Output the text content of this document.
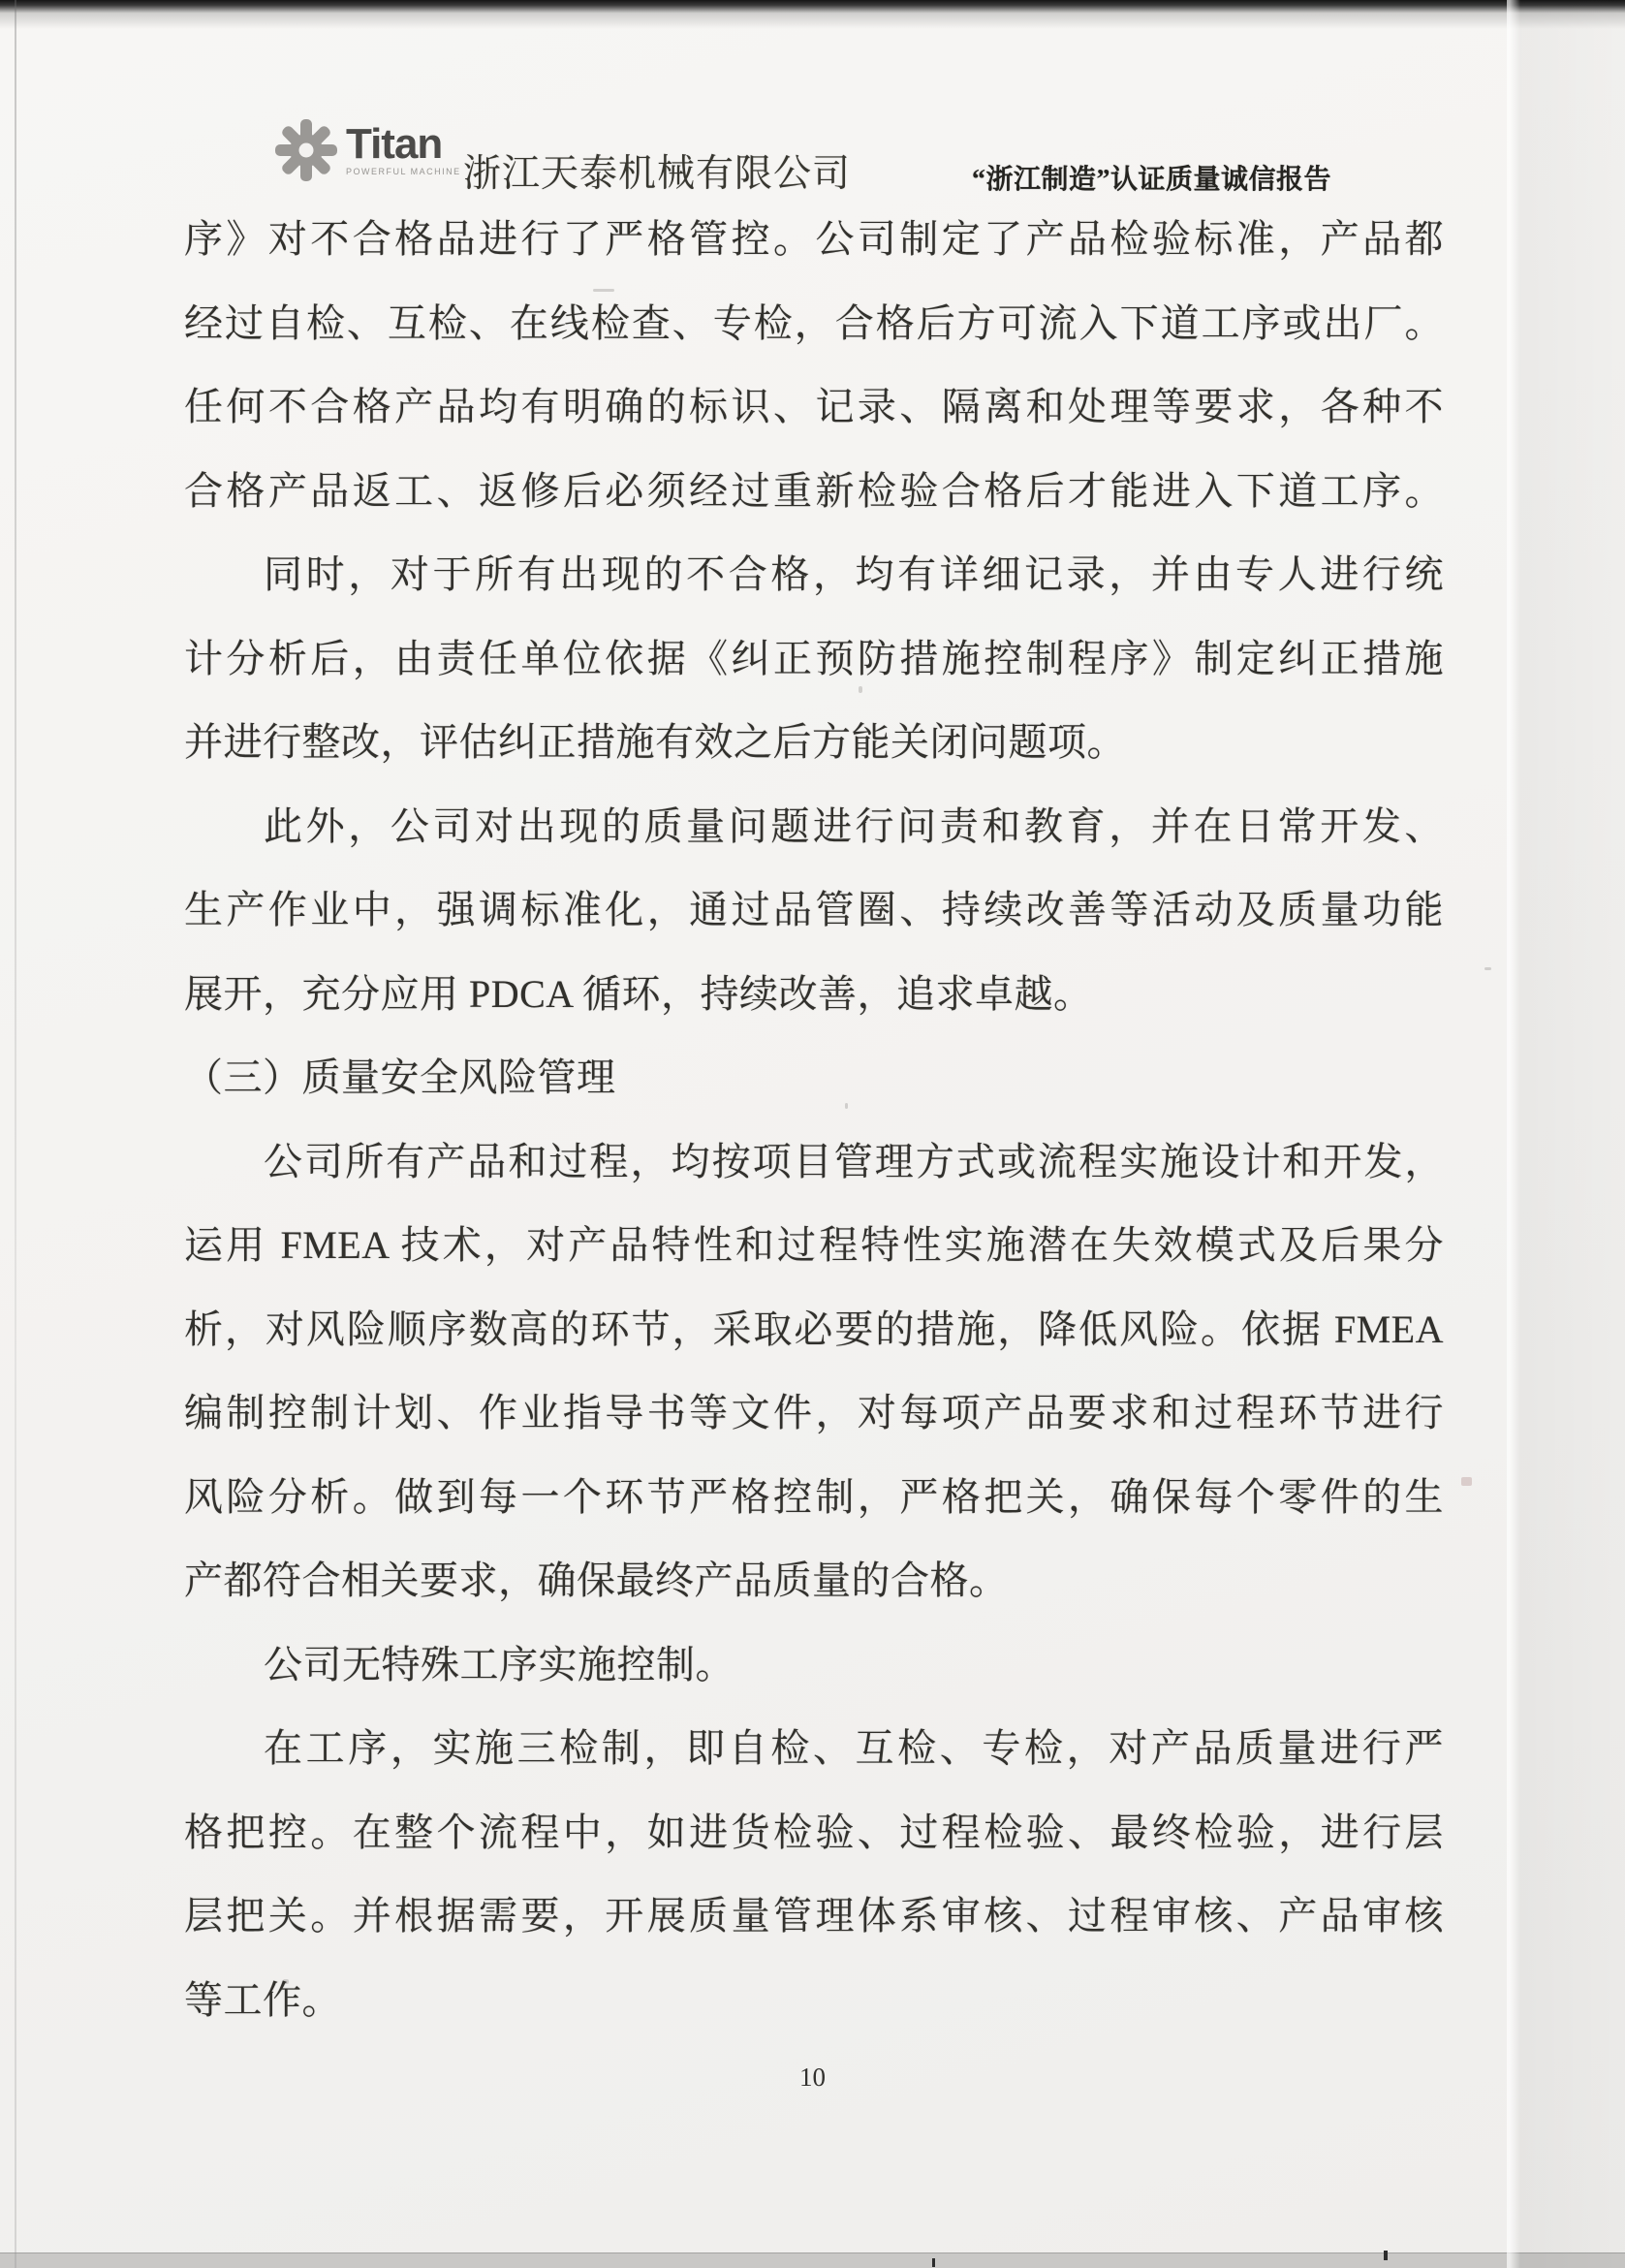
Titan
POWERFUL MACHINE 浙江天泰机械有限公司	“浙江制造”认证质量诚信报告
序》对不合格品进行了严格管控。公司制定了产品检验标准，产品都
经过自检、互检、在线检查、专检，合格后方可流入下道工序或出厂。
任何不合格产品均有明确的标识、记录、隔离和处理等要求，各种不
合格产品返工、返修后必须经过重新检验合格后才能进入下道工序。
同时，对于所有出现的不合格，均有详细记录，并由专人进行统
计分析后，由责任单位依据《纠正预防措施控制程序》制定纠正措施
并进行整改，评估纠正措施有效之后方能关闭问题项。
此外，公司对出现的质量问题进行问责和教育，并在日常开发、
生产作业中，强调标准化，通过品管圈、持续改善等活动及质量功能
展开，充分应用 PDCA 循环，持续改善，追求卓越。
（三）质量安全风险管理
公司所有产品和过程，均按项目管理方式或流程实施设计和开发，
运用 FMEA 技术，对产品特性和过程特性实施潜在失效模式及后果分
析，对风险顺序数高的环节，采取必要的措施，降低风险。依据 FMEA
编制控制计划、作业指导书等文件，对每项产品要求和过程环节进行
风险分析。做到每一个环节严格控制，严格把关，确保每个零件的生
产都符合相关要求，确保最终产品质量的合格。
公司无特殊工序实施控制。
在工序，实施三检制，即自检、互检、专检，对产品质量进行严
格把控。在整个流程中，如进货检验、过程检验、最终检验，进行层
层把关。并根据需要，开展质量管理体系审核、过程审核、产品审核
等工作。
10
